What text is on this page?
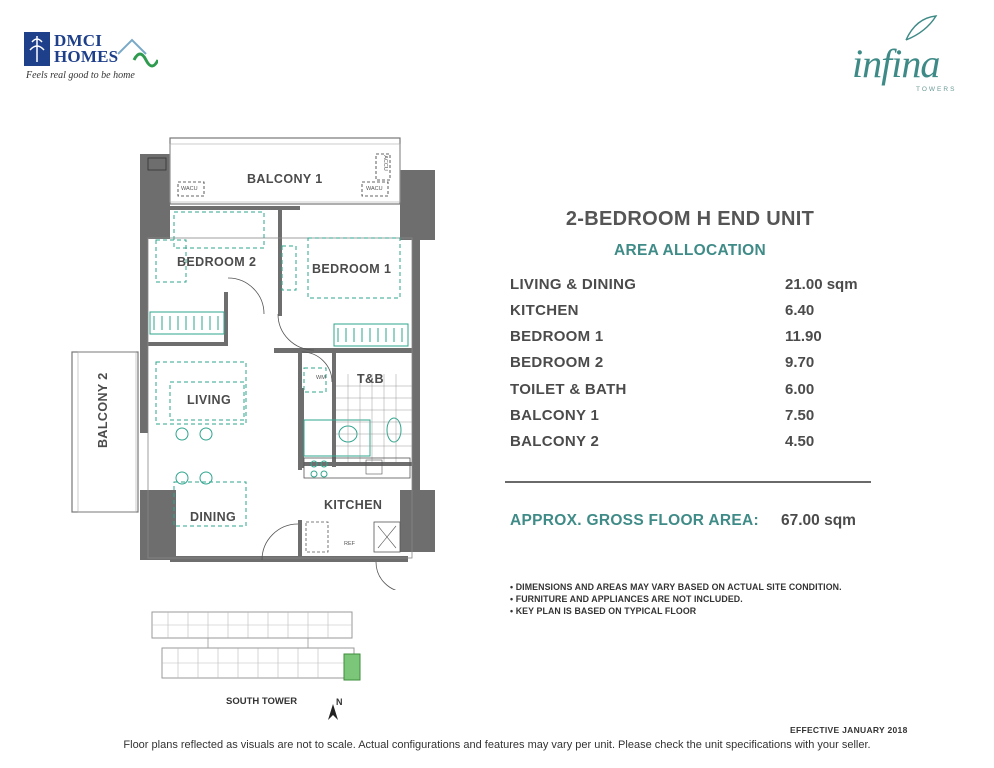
DMCI
HOMES
Feels real good to be home	infina
TOWERS
BALCONY 1
BALCONY 2
BEDROOM 1
BEDROOM 2
LIVING
DINING
KITCHEN
T&B
WACU	WACU
ACCU
WM
REF
2-BEDROOM H END UNIT
AREA ALLOCATION
LIVING & DINING	21.00 sqm
KITCHEN	6.40
BEDROOM 1	11.90
BEDROOM 2	9.70
TOILET & BATH	6.00
BALCONY 1	7.50
BALCONY 2	4.50
APPROX. GROSS FLOOR AREA: 67.00 sqm
• DIMENSIONS AND AREAS MAY VARY BASED ON ACTUAL SITE CONDITION.
• FURNITURE AND APPLIANCES ARE NOT INCLUDED.
• KEY PLAN IS BASED ON TYPICAL FLOOR
SOUTH TOWER	N
EFFECTIVE JANUARY 2018
Floor plans reflected as visuals are not to scale. Actual configurations and features may vary per unit. Please check the unit specifications with your seller.
